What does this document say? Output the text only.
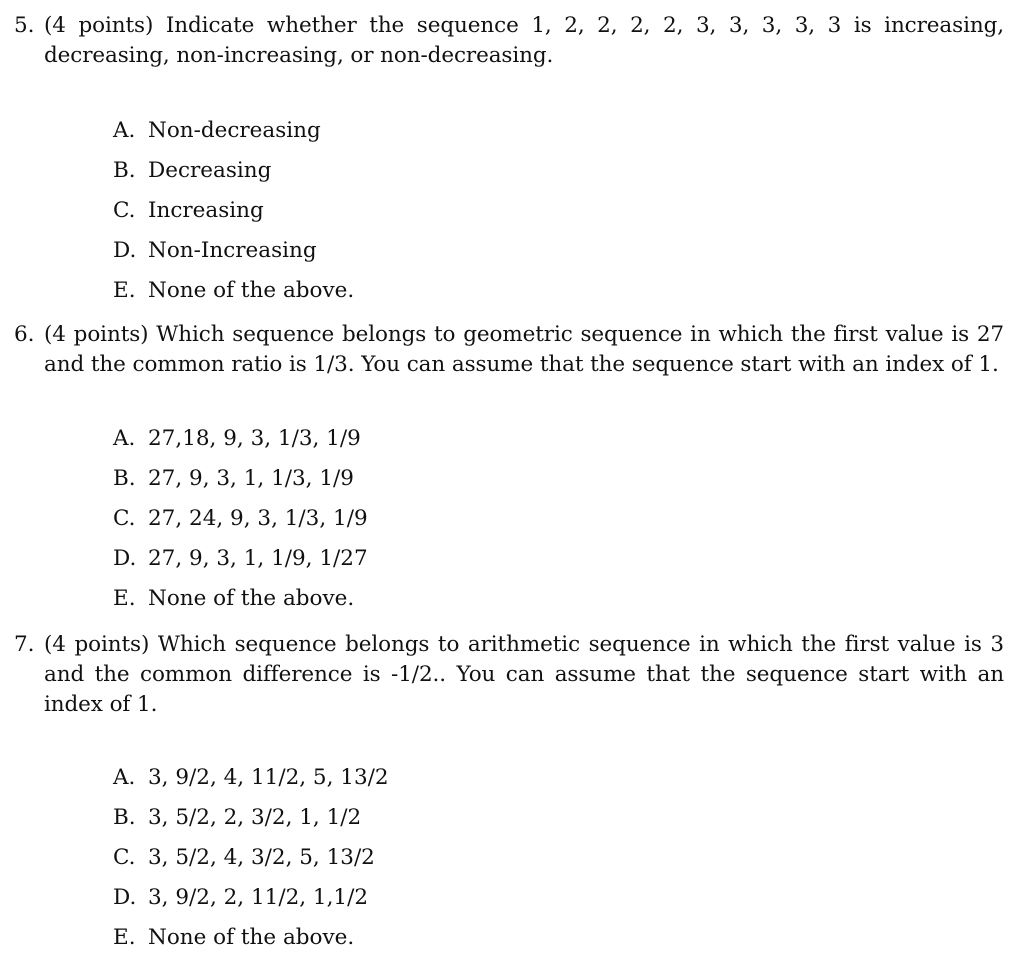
5. (4 points) Indicate whether the sequence 1, 2, 2, 2, 2, 3, 3, 3, 3, 3 is increasing, decreasing, non-increasing, or non-decreasing.
A. Non-decreasing
B. Decreasing
C. Increasing
D. Non-Increasing
E. None of the above.
6. (4 points) Which sequence belongs to geometric sequence in which the first value is 27 and the common ratio is 1/3. You can assume that the sequence start with an index of 1.
A. 27,18, 9, 3, 1/3, 1/9
B. 27, 9, 3, 1, 1/3, 1/9
C. 27, 24, 9, 3, 1/3, 1/9
D. 27, 9, 3, 1, 1/9, 1/27
E. None of the above.
7. (4 points) Which sequence belongs to arithmetic sequence in which the first value is 3 and the common difference is -1/2.. You can assume that the sequence start with an index of 1.
A. 3, 9/2, 4, 11/2, 5, 13/2
B. 3, 5/2, 2, 3/2, 1, 1/2
C. 3, 5/2, 4, 3/2, 5, 13/2
D. 3, 9/2, 2, 11/2, 1,1/2
E. None of the above.
